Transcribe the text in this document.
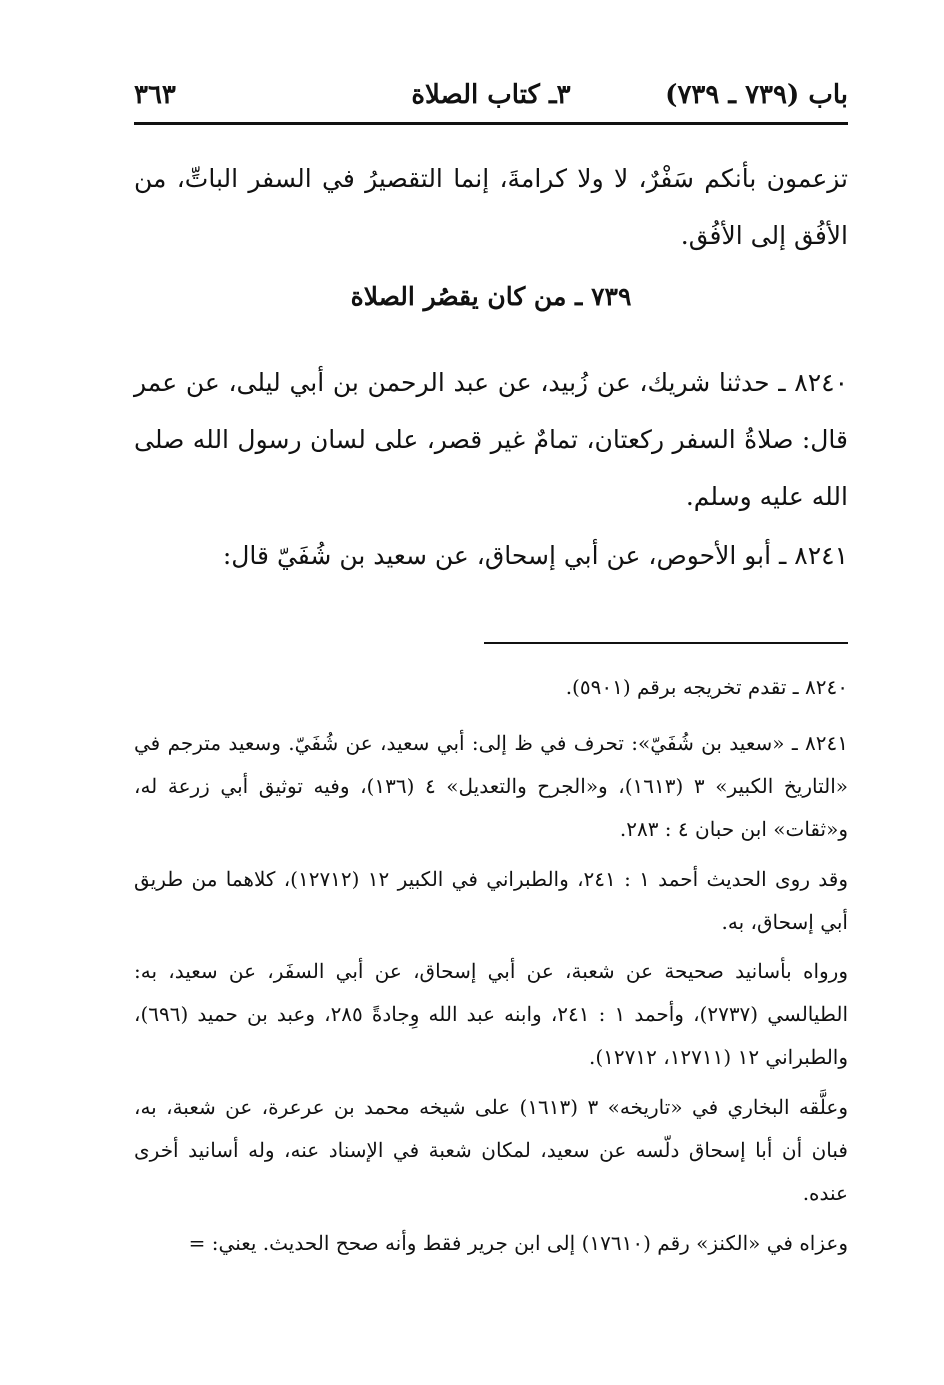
٣ـ كتاب الصلاة	باب (٧٣٩ ـ ٧٣٩)
٣٦٣
تزعمون بأنكم سَفْرٌ، لا ولا كرامةَ، إنما التقصيرُ في السفر الباتِّ، من الأفُق إلى الأفُق.
٧٣٩ ـ من كان يقصُر الصلاة
٨٢٤٠ ـ حدثنا شريك، عن زُبيد، عن عبد الرحمن بن أبي ليلى، عن عمر قال: صلاةُ السفر ركعتان، تمامٌ غير قصر، على لسان رسول الله صلى الله عليه وسلم.
٨٢٤١ ـ أبو الأحوص، عن أبي إسحاق، عن سعيد بن شُفَيّ قال:
٨٢٤٠ ـ تقدم تخريجه برقم (٥٩٠١).
٨٢٤١ ـ «سعيد بن شُفَيّ»: تحرف في ظ إلى: أبي سعيد، عن شُفَيّ. وسعيد مترجم في «التاريخ الكبير» ٣ (١٦١٣)، و«الجرح والتعديل» ٤ (١٣٦)، وفيه توثيق أبي زرعة له، و«ثقات» ابن حبان ٤ : ٢٨٣.
وقد روى الحديث أحمد ١ : ٢٤١، والطبراني في الكبير ١٢ (١٢٧١٢)، كلاهما من طريق أبي إسحاق، به.
ورواه بأسانيد صحيحة عن شعبة، عن أبي إسحاق، عن أبي السفَر، عن سعيد، به: الطيالسي (٢٧٣٧)، وأحمد ١ : ٢٤١، وابنه عبد الله وِجادةً ٢٨٥، وعبد بن حميد (٦٩٦)، والطبراني ١٢ (١٢٧١١، ١٢٧١٢).
وعلَّقه البخاري في «تاريخه» ٣ (١٦١٣) على شيخه محمد بن عرعرة، عن شعبة، به، فبان أن أبا إسحاق دلّسه عن سعيد، لمكان شعبة في الإسناد عنه، وله أسانيد أخرى عنده.
وعزاه في «الكنز» رقم (١٧٦١٠) إلى ابن جرير فقط وأنه صحح الحديث. يعني: =
